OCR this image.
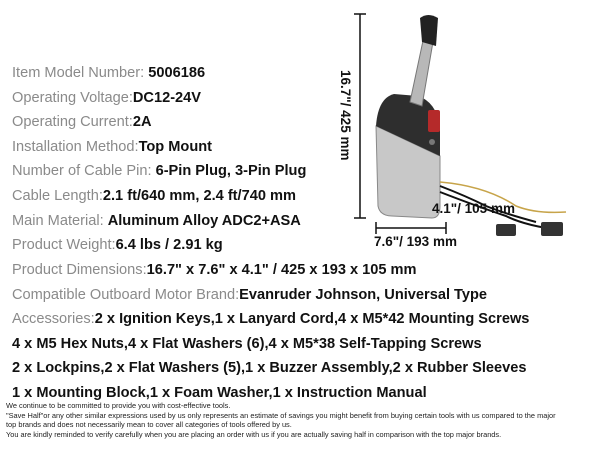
4.1"/ 105 mm
7.6"/ 193 mm
16.7"/ 425 mm
Item Model Number: 5006186
Operating Voltage:DC12-24V
Operating Current:2A
Installation Method:Top Mount
Number of Cable Pin: 6-Pin Plug, 3-Pin Plug
Cable Length:2.1 ft/640 mm, 2.4 ft/740 mm
Main Material: Aluminum Alloy ADC2+ASA
Product Weight:6.4 lbs / 2.91 kg
Product Dimensions:16.7" x 7.6" x 4.1" / 425 x 193 x 105 mm
Compatible Outboard Motor Brand:Evanruder Johnson, Universal Type
Accessories:2 x Ignition Keys,1 x Lanyard Cord,4 x M5*42 Mounting Screws
4 x M5 Hex Nuts,4 x Flat Washers (6),4 x M5*38 Self-Tapping Screws
2 x Lockpins,2 x Flat Washers (5),1 x Buzzer Assembly,2 x Rubber Sleeves
1 x Mounting Block,1 x Foam Washer,1 x Instruction Manual
We continue to be committed to provide you with cost-effective tools.
"Save Half"or any other similar expressions used by us only represents an estimate of savings you might benefit from buying certain tools with us compared to the major
top brands and does not necessarily mean to cover all categories of tools offered by us.
You are kindly reminded to verify carefully when you are placing an order with us if you are actually saving half in comparison with the top major brands.
